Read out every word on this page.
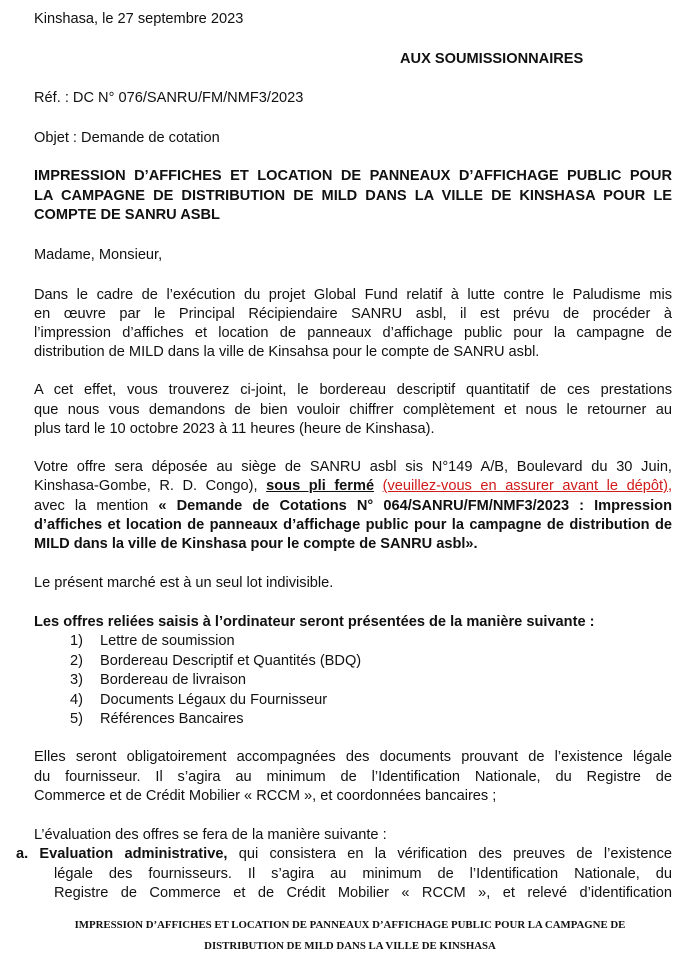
Kinshasa, le 27 septembre 2023
AUX SOUMISSIONNAIRES
Réf. : DC N° 076/SANRU/FM/NMF3/2023
Objet : Demande de cotation
IMPRESSION D’AFFICHES ET LOCATION DE PANNEAUX D’AFFICHAGE PUBLIC POUR
LA CAMPAGNE DE DISTRIBUTION DE MILD DANS LA VILLE DE KINSHASA POUR LE
COMPTE DE SANRU ASBL
Madame, Monsieur,
Dans le cadre de l’exécution du projet Global Fund relatif à lutte contre le Paludisme mis
en œuvre par le Principal Récipiendaire SANRU asbl, il est prévu de procéder à
l’impression d’affiches et location de panneaux d’affichage public pour la campagne de
distribution de MILD dans la ville de Kinsahsa pour le compte de SANRU asbl.
A cet effet, vous trouverez ci-joint, le bordereau descriptif quantitatif de ces prestations
que nous vous demandons de bien vouloir chiffrer complètement et nous le retourner au
plus tard le 10 octobre 2023 à 11 heures (heure de Kinshasa).
Votre offre sera déposée au siège de SANRU asbl sis N°149 A/B, Boulevard du 30 Juin,
Kinshasa-Gombe, R. D. Congo), sous pli fermé (veuillez-vous en assurer avant le dépôt),
avec la mention « Demande de Cotations N° 064/SANRU/FM/NMF3/2023 : Impression
d’affiches et location de panneaux d’affichage public pour la campagne de distribution de
MILD dans la ville de Kinshasa pour le compte de SANRU asbl».
Le présent marché est à un seul lot indivisible.
Les offres reliées saisis à l’ordinateur seront présentées de la manière suivante :
1) Lettre de soumission
2) Bordereau Descriptif et Quantités (BDQ)
3) Bordereau de livraison
4) Documents Légaux du Fournisseur
5) Références Bancaires
Elles seront obligatoirement accompagnées des documents prouvant de l’existence légale
du fournisseur. Il s’agira au minimum de l’Identification Nationale, du Registre de
Commerce et de Crédit Mobilier « RCCM », et coordonnées bancaires ;
L’évaluation des offres se fera de la manière suivante :
a. Evaluation administrative, qui consistera en la vérification des preuves de l’existence
légale des fournisseurs. Il s’agira au minimum de l’Identification Nationale, du
Registre de Commerce et de Crédit Mobilier « RCCM », et relevé d’identification
IMPRESSION D’AFFICHES ET LOCATION DE PANNEAUX D’AFFICHAGE PUBLIC POUR LA CAMPAGNE DE
DISTRIBUTION DE MILD DANS LA VILLE DE KINSHASA
